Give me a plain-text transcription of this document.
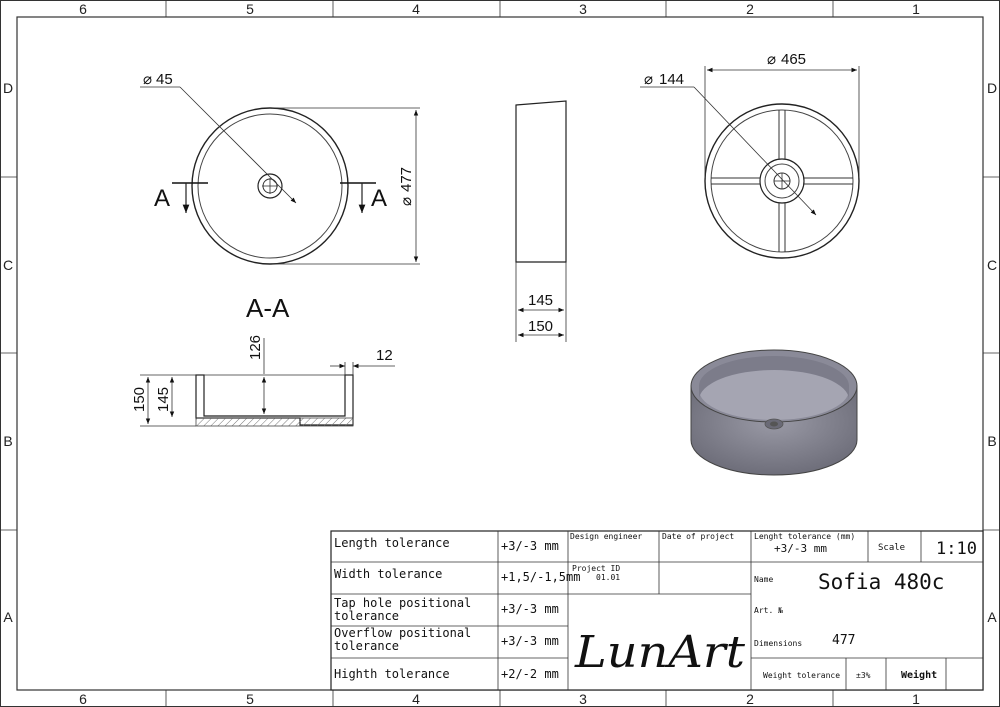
6	5	4	3	2	1
6	5	4	3	2	1
D
C
B
A
D
C
B
A
⌀ 45
⌀
477
A	A
145
150
⌀ 144
⌀ 465
A-A
126	12
150 145
Length tolerance	+3/-3 mm
Width tolerance	+1,5/-1,5mm
Tap hole positional
tolerance	+3/-3 mm
Overflow positional
tolerance	+3/-3 mm
Highth tolerance	+2/-2 mm
Design engineer Date of project
Project ID
01.01
LunArt
Lenght tolerance (mm)
+3/-3 mm	Scale 1:10
Name Sofia 480c
Art. №
Dimensions 477
Weight tolerance ±3%	Weight
